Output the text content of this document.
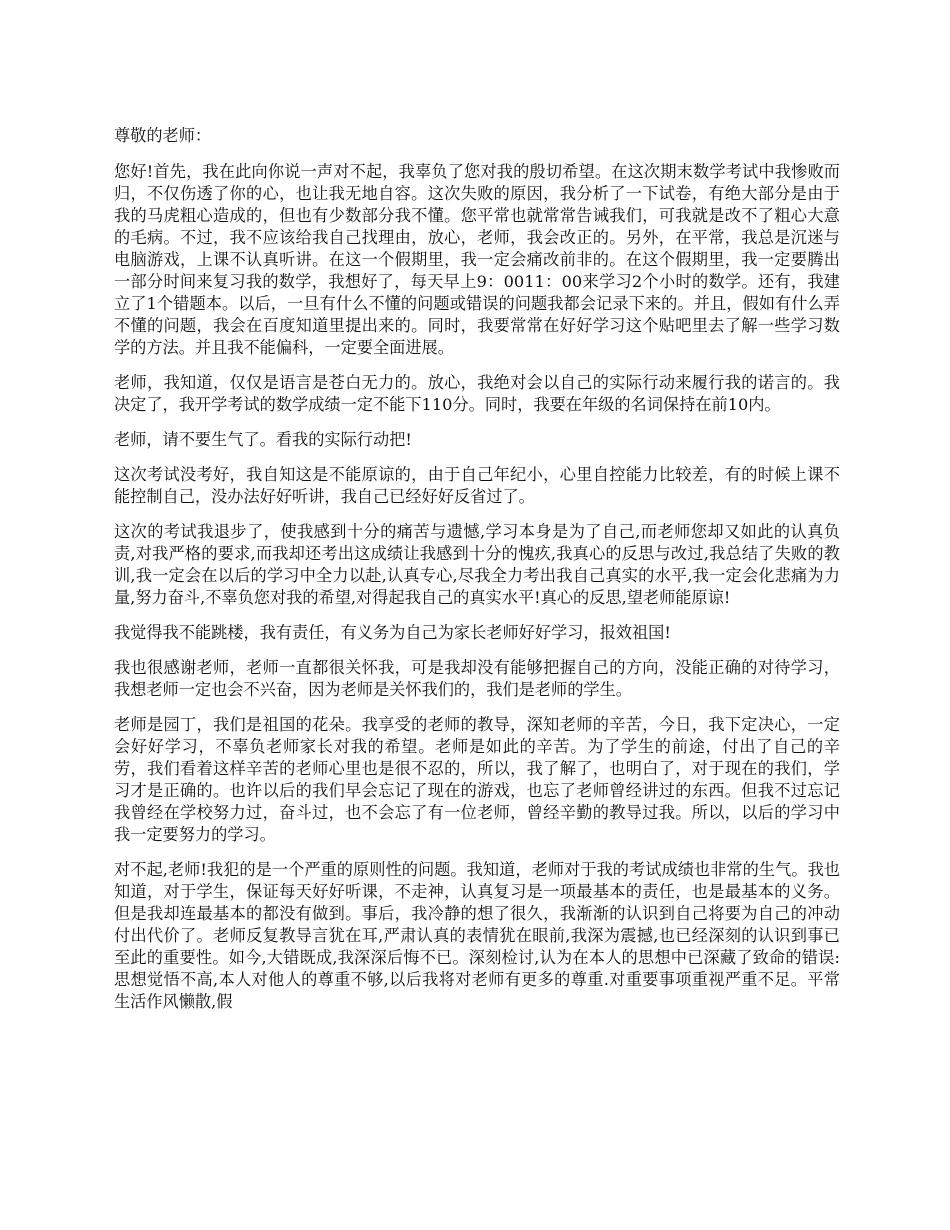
尊敬的老师：

您好!首先，我在此向你说一声对不起，我辜负了您对我的殷切希望。在这次期末数学考试中我惨败而归，不仅伤透了你的心，也让我无地自容。这次失败的原因，我分析了一下试卷，有绝大部分是由于我的马虎粗心造成的，但也有少数部分我不懂。您平常也就常常告诫我们，可我就是改不了粗心大意的毛病。不过，我不应该给我自己找理由，放心，老师，我会改正的。另外，在平常，我总是沉迷与电脑游戏，上课不认真听讲。在这一个假期里，我一定会痛改前非的。在这个假期里，我一定要腾出一部分时间来复习我的数学，我想好了，每天早上9：0011：00来学习2个小时的数学。还有，我建立了1个错题本。以后，一旦有什么不懂的问题或错误的问题我都会记录下来的。并且，假如有什么弄不懂的问题，我会在百度知道里提出来的。同时，我要常常在好好学习这个贴吧里去了解一些学习数学的方法。并且我不能偏科，一定要全面进展。

老师，我知道，仅仅是语言是苍白无力的。放心，我绝对会以自己的实际行动来履行我的诺言的。我决定了，我开学考试的数学成绩一定不能下110分。同时，我要在年级的名词保持在前10内。

老师，请不要生气了。看我的实际行动把!

这次考试没考好，我自知这是不能原谅的，由于自己年纪小，心里自控能力比较差，有的时候上课不能控制自己，没办法好好听讲，我自己已经好好反省过了。

这次的考试我退步了，使我感到十分的痛苦与遗憾,学习本身是为了自己,而老师您却又如此的认真负责,对我严格的要求,而我却还考出这成绩让我感到十分的愧疚,我真心的反思与改过,我总结了失败的教训,我一定会在以后的学习中全力以赴,认真专心,尽我全力考出我自己真实的水平,我一定会化悲痛为力量,努力奋斗,不辜负您对我的希望,对得起我自己的真实水平!真心的反思,望老师能原谅!

我觉得我不能跳楼，我有责任，有义务为自己为家长老师好好学习，报效祖国!

我也很感谢老师，老师一直都很关怀我，可是我却没有能够把握自己的方向，没能正确的对待学习，我想老师一定也会不兴奋，因为老师是关怀我们的，我们是老师的学生。

老师是园丁，我们是祖国的花朵。我享受的老师的教导，深知老师的辛苦，今日，我下定决心，一定会好好学习，不辜负老师家长对我的希望。老师是如此的辛苦。为了学生的前途，付出了自己的辛劳，我们看着这样辛苦的老师心里也是很不忍的，所以，我了解了，也明白了，对于现在的我们，学习才是正确的。也许以后的我们早会忘记了现在的游戏，也忘了老师曾经讲过的东西。但我不过忘记我曾经在学校努力过，奋斗过，也不会忘了有一位老师，曾经辛勤的教导过我。所以，以后的学习中我一定要努力的学习。

对不起,老师!我犯的是一个严重的原则性的问题。我知道，老师对于我的考试成绩也非常的生气。我也知道，对于学生，保证每天好好听课，不走神，认真复习是一项最基本的责任，也是最基本的义务。但是我却连最基本的都没有做到。事后，我冷静的想了很久，我渐渐的认识到自己将要为自己的冲动付出代价了。老师反复教导言犹在耳,严肃认真的表情犹在眼前,我深为震撼,也已经深刻的认识到事已至此的重要性。如今,大错既成,我深深后悔不已。深刻检讨,认为在本人的思想中已深藏了致命的错误:思想觉悟不高,本人对他人的尊重不够,以后我将对老师有更多的尊重.对重要事项重视严重不足。平常生活作风懒散,假
